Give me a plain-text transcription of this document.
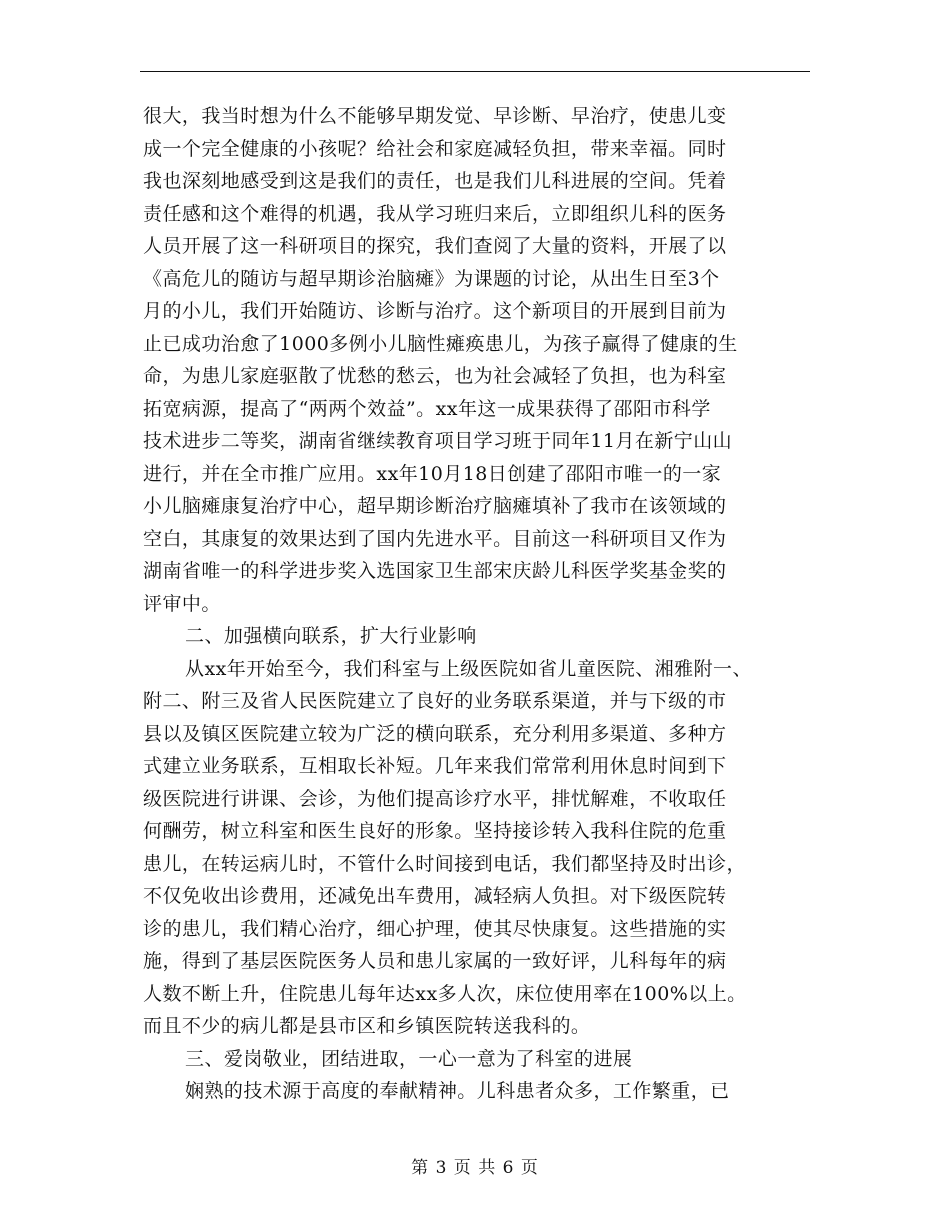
很大，我当时想为什么不能够早期发觉、早诊断、早治疗，使患儿变
成一个完全健康的小孩呢？给社会和家庭减轻负担，带来幸福。同时
我也深刻地感受到这是我们的责任，也是我们儿科进展的空间。凭着
责任感和这个难得的机遇，我从学习班归来后，立即组织儿科的医务
人员开展了这一科研项目的探究，我们查阅了大量的资料，开展了以
《高危儿的随访与超早期诊治脑瘫》为课题的讨论，从出生日至3个
月的小儿，我们开始随访、诊断与治疗。这个新项目的开展到目前为
止已成功治愈了1000多例小儿脑性瘫痪患儿，为孩子赢得了健康的生
命，为患儿家庭驱散了忧愁的愁云，也为社会减轻了负担，也为科室
拓宽病源，提高了“两两个效益”。xx年这一成果获得了邵阳市科学
技术进步二等奖，湖南省继续教育项目学习班于同年11月在新宁山山
进行，并在全市推广应用。xx年10月18日创建了邵阳市唯一的一家
小儿脑瘫康复治疗中心，超早期诊断治疗脑瘫填补了我市在该领域的
空白，其康复的效果达到了国内先进水平。目前这一科研项目又作为
湖南省唯一的科学进步奖入选国家卫生部宋庆龄儿科医学奖基金奖的
评审中。
二、加强横向联系，扩大行业影响
从xx年开始至今，我们科室与上级医院如省儿童医院、湘雅附一、
附二、附三及省人民医院建立了良好的业务联系渠道，并与下级的市
县以及镇区医院建立较为广泛的横向联系，充分利用多渠道、多种方
式建立业务联系，互相取长补短。几年来我们常常利用休息时间到下
级医院进行讲课、会诊，为他们提高诊疗水平，排忧解难，不收取任
何酬劳，树立科室和医生良好的形象。坚持接诊转入我科住院的危重
患儿，在转运病儿时，不管什么时间接到电话，我们都坚持及时出诊，
不仅免收出诊费用，还减免出车费用，减轻病人负担。对下级医院转
诊的患儿，我们精心治疗，细心护理，使其尽快康复。这些措施的实
施，得到了基层医院医务人员和患儿家属的一致好评，儿科每年的病
人数不断上升，住院患儿每年达xx多人次，床位使用率在100%以上。
而且不少的病儿都是县市区和乡镇医院转送我科的。
三、爱岗敬业，团结进取，一心一意为了科室的进展
娴熟的技术源于高度的奉献精神。儿科患者众多，工作繁重，已
第 3 页 共 6 页
